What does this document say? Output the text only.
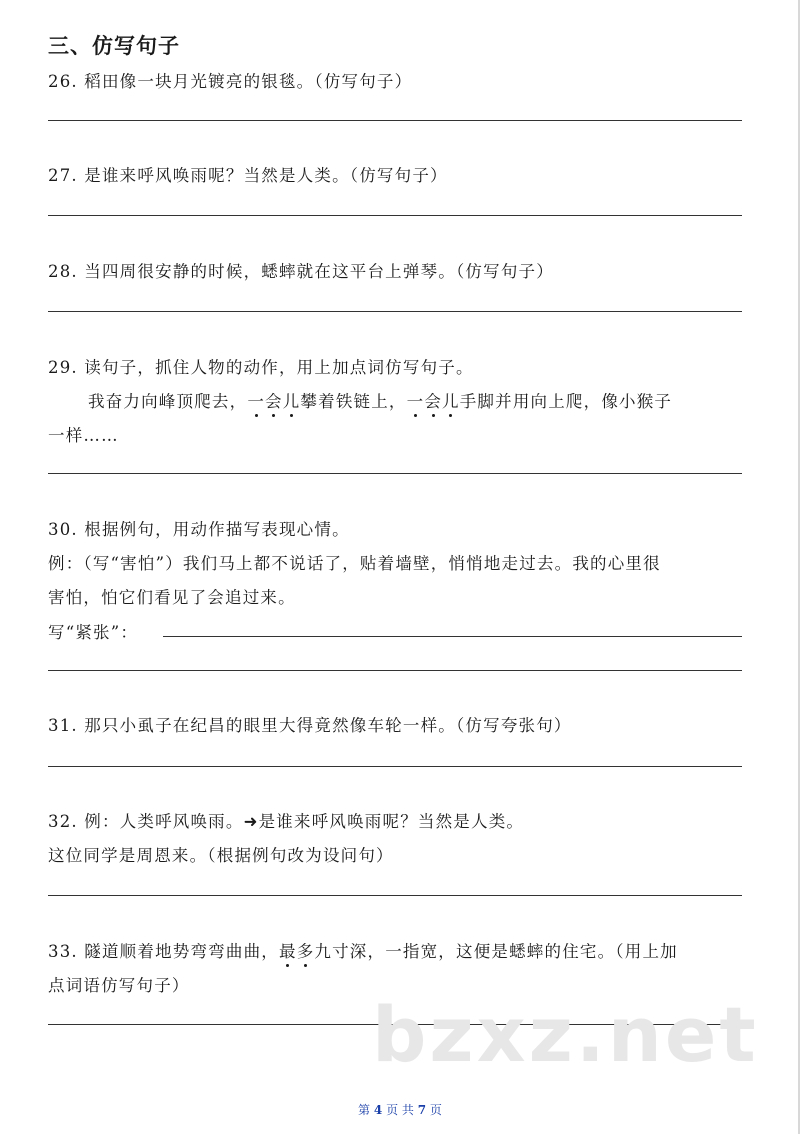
三、仿写句子
26. 稻田像一块月光镀亮的银毯。（仿写句子）
27. 是谁来呼风唤雨呢？当然是人类。（仿写句子）
28. 当四周很安静的时候，蟋蟀就在这平台上弹琴。（仿写句子）
29. 读句子，抓住人物的动作，用上加点词仿写句子。
我奋力向峰顶爬去，一会儿攀着铁链上，一会儿手脚并用向上爬，像小猴子
一样……
30. 根据例句，用动作描写表现心情。
例：（写“害怕”）我们马上都不说话了，贴着墙壁，悄悄地走过去。我的心里很
害怕，怕它们看见了会追过来。
写“紧张”：
31. 那只小虱子在纪昌的眼里大得竟然像车轮一样。（仿写夸张句）
32. 例：人类呼风唤雨。➜是谁来呼风唤雨呢？当然是人类。
这位同学是周恩来。（根据例句改为设问句）
33. 隧道顺着地势弯弯曲曲，最多九寸深，一指宽，这便是蟋蟀的住宅。（用上加
点词语仿写句子）
bzxz.net
第 4 页 共 7 页
